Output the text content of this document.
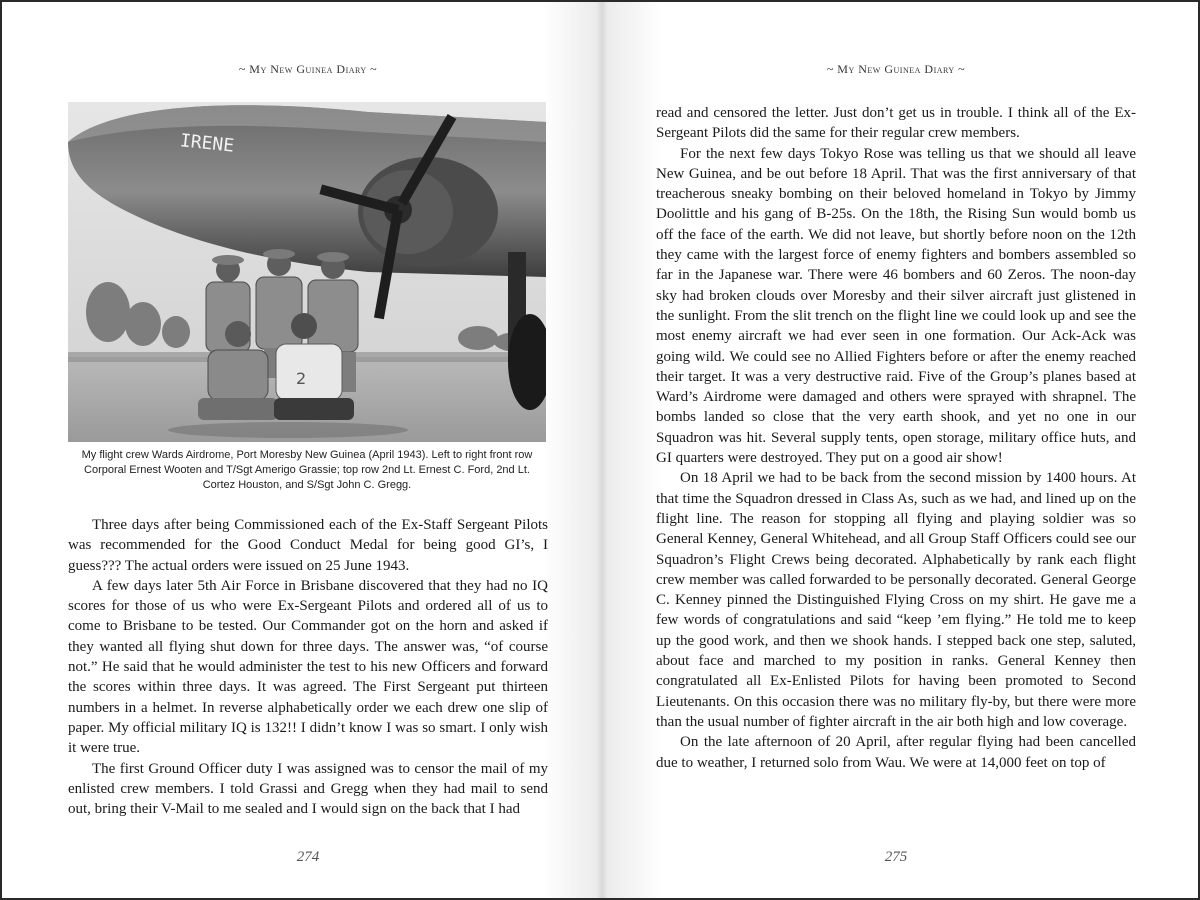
~ My New Guinea Diary ~
IRENE
2
My flight crew Wards Airdrome, Port Moresby New Guinea (April 1943). Left to right front row Corporal Ernest Wooten and T/Sgt Amerigo Grassie; top row 2nd Lt. Ernest C. Ford, 2nd Lt. Cortez Houston, and S/Sgt John C. Gregg.

Three days after being Commissioned each of the Ex-Staff Sergeant Pilots was recommended for the Good Conduct Medal for being good GI’s, I guess??? The actual orders were issued on 25 June 1943.

A few days later 5th Air Force in Brisbane discovered that they had no IQ scores for those of us who were Ex-Sergeant Pilots and ordered all of us to come to Brisbane to be tested. Our Commander got on the horn and asked if they wanted all flying shut down for three days. The answer was, “of course not.” He said that he would administer the test to his new Officers and forward the scores within three days. It was agreed. The First Sergeant put thirteen numbers in a helmet. In reverse alphabetically order we each drew one slip of paper. My official military IQ is 132!! I didn’t know I was so smart. I only wish it were true.

The first Ground Officer duty I was assigned was to censor the mail of my enlisted crew members. I told Grassi and Gregg when they had mail to send out, bring their V-Mail to me sealed and I would sign on the back that I had

274
~ My New Guinea Diary ~

read and censored the letter. Just don’t get us in trouble. I think all of the Ex-Sergeant Pilots did the same for their regular crew members.

For the next few days Tokyo Rose was telling us that we should all leave New Guinea, and be out before 18 April. That was the first anniversary of that treacherous sneaky bombing on their beloved homeland in Tokyo by Jimmy Doolittle and his gang of B-25s. On the 18th, the Rising Sun would bomb us off the face of the earth. We did not leave, but shortly before noon on the 12th they came with the largest force of enemy fighters and bombers assembled so far in the Japanese war. There were 46 bombers and 60 Zeros. The noon-day sky had broken clouds over Moresby and their silver aircraft just glistened in the sunlight. From the slit trench on the flight line we could look up and see the most enemy aircraft we had ever seen in one formation. Our Ack-Ack was going wild. We could see no Allied Fighters before or after the enemy reached their target. It was a very destructive raid. Five of the Group’s planes based at Ward’s Airdrome were damaged and others were sprayed with shrapnel. The bombs landed so close that the very earth shook, and yet no one in our Squadron was hit. Several supply tents, open storage, military office huts, and GI quarters were destroyed. They put on a good air show!

On 18 April we had to be back from the second mission by 1400 hours. At that time the Squadron dressed in Class As, such as we had, and lined up on the flight line. The reason for stopping all flying and playing soldier was so General Kenney, General Whitehead, and all Group Staff Officers could see our Squadron’s Flight Crews being decorated. Alphabetically by rank each flight crew member was called forwarded to be personally decorated. General George C. Kenney pinned the Distinguished Flying Cross on my shirt. He gave me a few words of congratulations and said “keep ’em flying.” He told me to keep up the good work, and then we shook hands. I stepped back one step, saluted, about face and marched to my position in ranks. General Kenney then congratulated all Ex-Enlisted Pilots for having been promoted to Second Lieutenants. On this occasion there was no military fly-by, but there were more than the usual number of fighter aircraft in the air both high and low coverage.

On the late afternoon of 20 April, after regular flying had been cancelled due to weather, I returned solo from Wau. We were at 14,000 feet on top of

275
